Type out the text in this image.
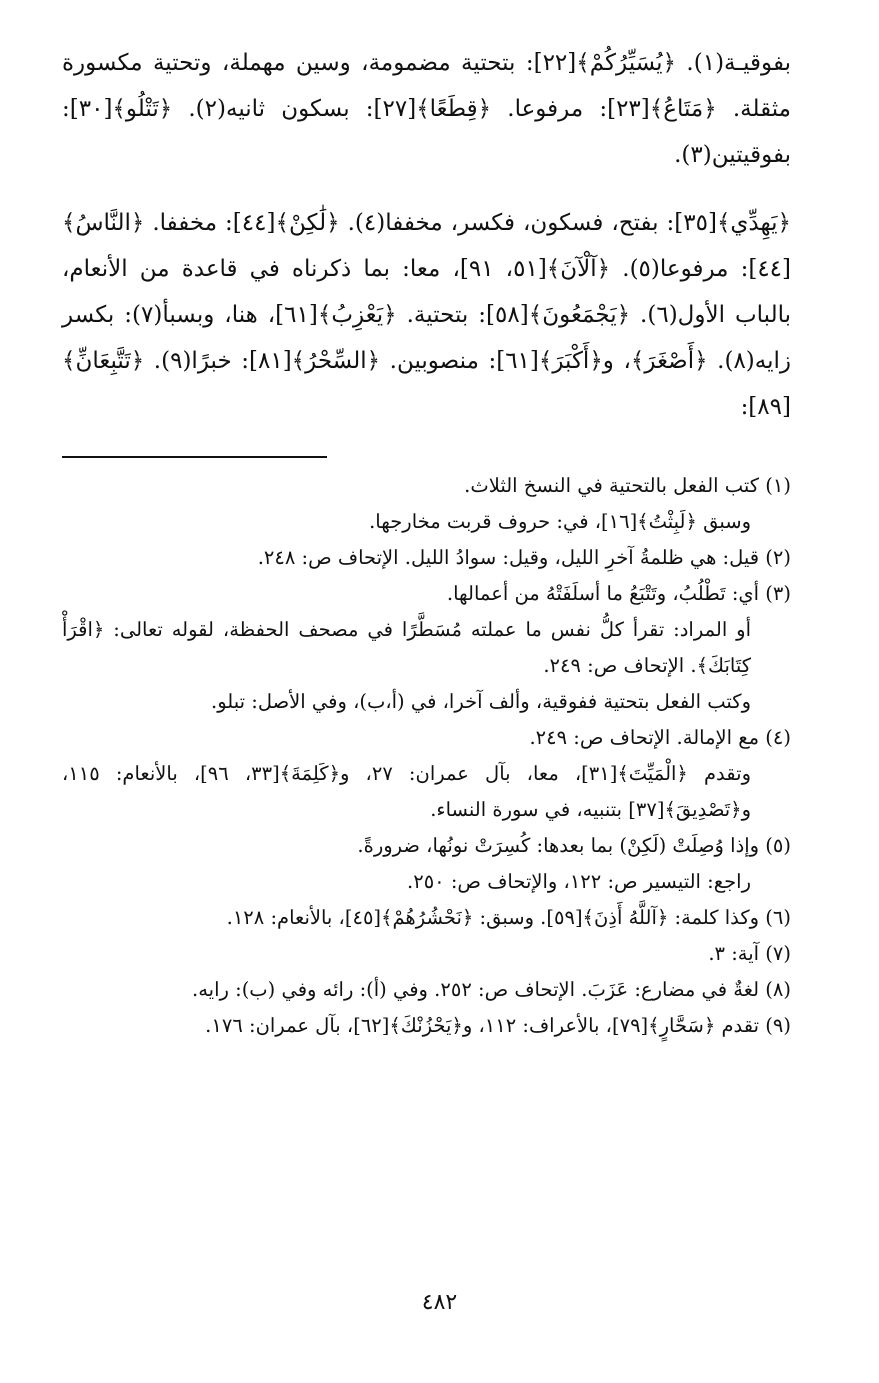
بفوقيـة(١). ﴿يُسَيِّرُكُمْ﴾[٢٢]: بتحتية مضمومة، وسين مهملة، وتحتية مكسورة مثقلة. ﴿مَتَاعُ﴾[٢٣]: مرفوعا. ﴿قِطَعًا﴾[٢٧]: بسكون ثانيه(٢). ﴿تَتْلُو﴾[٣٠]: بفوقيتين(٣).

﴿يَهِدِّي﴾[٣٥]: بفتح، فسكون، فكسر، مخففا(٤). ﴿لَٰكِنْ﴾[٤٤]: مخففا. ﴿النَّاسُ﴾[٤٤]: مرفوعا(٥). ﴿آلْآنَ﴾[٥١، ٩١]، معا: بما ذكرناه في قاعدة من الأنعام، بالباب الأول(٦). ﴿يَجْمَعُونَ﴾[٥٨]: بتحتية. ﴿يَعْزِبُ﴾[٦١]، هنا، وبسبأ(٧): بكسر زايه(٨). ﴿أَصْغَرَ﴾، و﴿أَكْبَرَ﴾[٦١]: منصوبين. ﴿السِّحْرُ﴾[٨١]: خبرًا(٩). ﴿تَتَّبِعَانِّ﴾[٨٩]:

(١) كتب الفعل بالتحتية في النسخ الثلاث.

وسبق ﴿لَبِثْتُ﴾[١٦]، في: حروف قربت مخارجها.

(٢) قيل: هي ظلمةُ آخرِ الليل، وقيل: سوادُ الليل. الإتحاف ص: ٢٤٨.

(٣) أي: تَطْلُبُ، وتَتْبَعُ ما أسلَفَتْهُ من أعمالها.

أو المراد: تقرأ كلُّ نفس ما عملته مُسَطَّرًا في مصحف الحفظة، لقوله تعالى: ﴿اقْرَأْ كِتَابَكَ﴾. الإتحاف ص: ٢٤٩.

وكتب الفعل بتحتية ففوقية، وألف آخرا، في (أ،ب)، وفي الأصل: تبلو.

(٤) مع الإمالة. الإتحاف ص: ٢٤٩.

وتقدم ﴿الْمَيِّتَ﴾[٣١]، معا، بآل عمران: ٢٧، و﴿كَلِمَةَ﴾[٣٣، ٩٦]، بالأنعام: ١١٥، و﴿تَصْدِيقَ﴾[٣٧] بتنبيه، في سورة النساء.

(٥) وإذا وُصِلَتْ (لَكِنْ) بما بعدها: كُسِرَتْ نونُها، ضرورةً.

راجع: التيسير ص: ١٢٢، والإتحاف ص: ٢٥٠.

(٦) وكذا كلمة: ﴿آللَّهُ أَذِنَ﴾[٥٩]. وسبق: ﴿نَحْشُرُهُمْ﴾[٤٥]، بالأنعام: ١٢٨.

(٧) آية: ٣.

(٨) لغةٌ في مضارع: عَزَبَ. الإتحاف ص: ٢٥٢. وفي (أ): رائه وفي (ب): رايه.

(٩) تقدم ﴿سَحَّارٍ﴾[٧٩]، بالأعراف: ١١٢، و﴿يَحْزُنْكَ﴾[٦٢]، بآل عمران: ١٧٦.

٤٨٢
